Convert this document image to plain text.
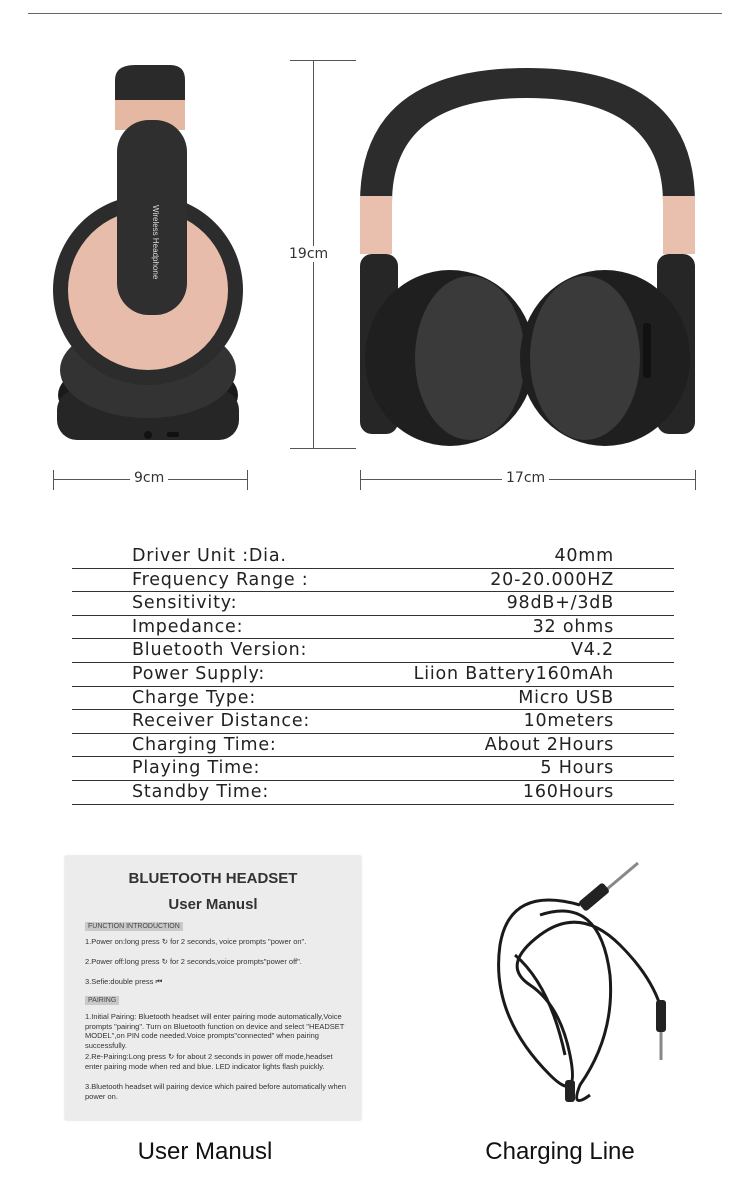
Wireless Headphone	19cm
9cm	17cm
Driver Unit :Dia.	40mm
Frequency Range :	20-20.000HZ
Sensitivity:	98dB+/3dB
Impedance:	32 ohms
Bluetooth Version:	V4.2
Power Supply:	Liion Battery160mAh
Charge Type:	Micro USB
Receiver Distance:	10meters
Charging Time:	About 2Hours
Playing Time:	5 Hours
Standby Time:	160Hours
BLUETOOTH HEADSET
User Manusl
FUNCTION INTRODUCTION
1.Power on:long press ↻ for 2 seconds, voice prompts "power on".
2.Power off:long press ↻ for 2 seconds,voice prompts"power off".
3.Sefie:double press ⏮
PAIRING
1.Initial Pairing: Bluetooth headset will enter pairing mode automatically,Voice prompts "pairing". Turn on Bluetooth function on device and select "HEADSET MODEL",on PIN code needed.Voice prompts"connected" when pairing successfully.
2.Re-Pairing:Long press ↻ for about 2 seconds in power off mode,headset enter pairing mode when red and blue. LED indicator lights flash puickly.
3.Bluetooth headset will pairing device which paired before automatically when power on.
User Manusl	Charging Line
